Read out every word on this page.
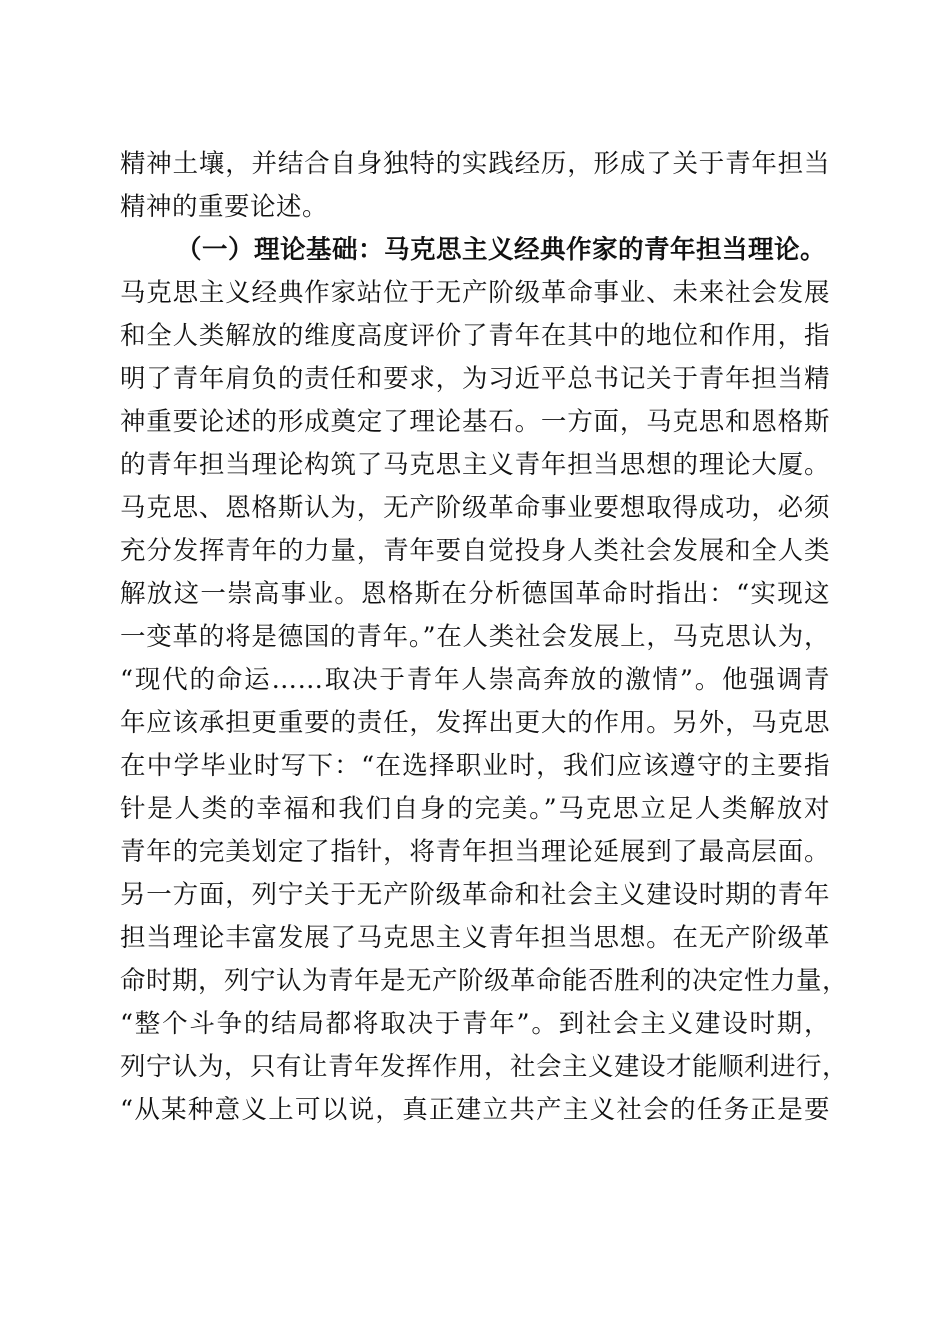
精神土壤，并结合自身独特的实践经历，形成了关于青年担当
精神的重要论述。
（一）理论基础：马克思主义经典作家的青年担当理论。
马克思主义经典作家站位于无产阶级革命事业、未来社会发展
和全人类解放的维度高度评价了青年在其中的地位和作用，指
明了青年肩负的责任和要求，为习近平总书记关于青年担当精
神重要论述的形成奠定了理论基石。一方面，马克思和恩格斯
的青年担当理论构筑了马克思主义青年担当思想的理论大厦。
马克思、恩格斯认为，无产阶级革命事业要想取得成功，必须
充分发挥青年的力量，青年要自觉投身人类社会发展和全人类
解放这一崇高事业。恩格斯在分析德国革命时指出：“实现这
一变革的将是德国的青年。”在人类社会发展上，马克思认为，
“现代的命运……取决于青年人崇高奔放的激情”。他强调青
年应该承担更重要的责任，发挥出更大的作用。另外，马克思
在中学毕业时写下：“在选择职业时，我们应该遵守的主要指
针是人类的幸福和我们自身的完美。”马克思立足人类解放对
青年的完美划定了指针，将青年担当理论延展到了最高层面。
另一方面，列宁关于无产阶级革命和社会主义建设时期的青年
担当理论丰富发展了马克思主义青年担当思想。在无产阶级革
命时期，列宁认为青年是无产阶级革命能否胜利的决定性力量，
“整个斗争的结局都将取决于青年”。到社会主义建设时期，
列宁认为，只有让青年发挥作用，社会主义建设才能顺利进行，
“从某种意义上可以说，真正建立共产主义社会的任务正是要
